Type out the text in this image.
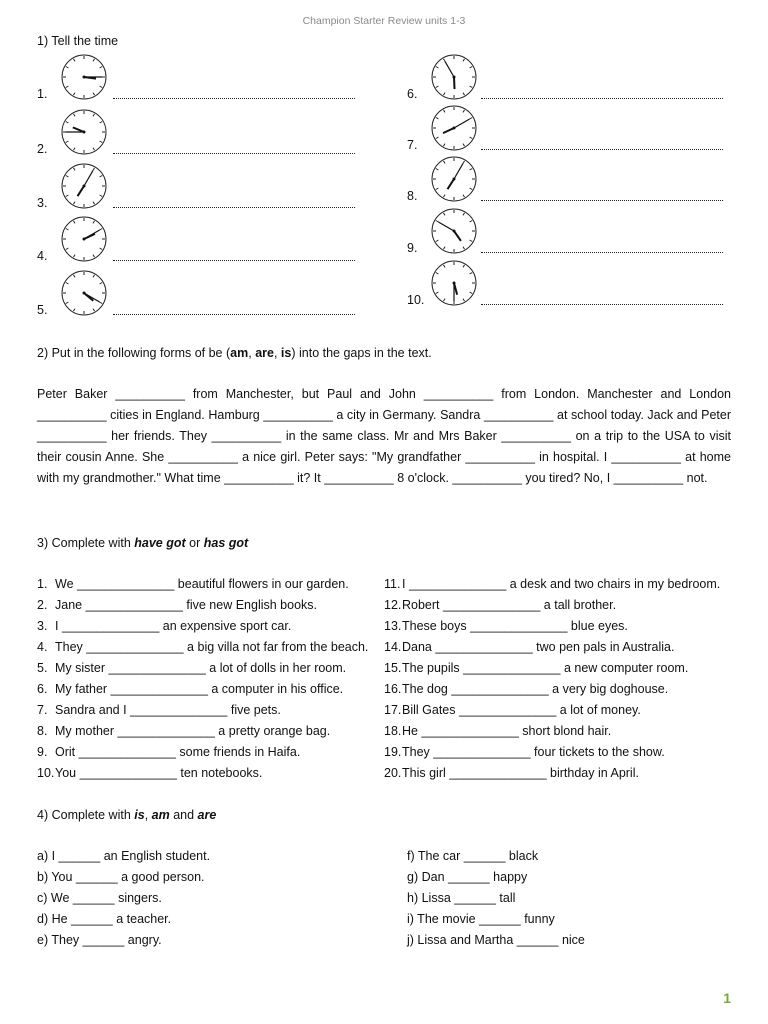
Champion Starter Review units 1-3
1) Tell the time
1.
2.
3.
4.
5.
6.
7.
8.
9.
10.
2) Put in the following forms of be (am, are, is) into the gaps in the text.
Peter Baker __________ from Manchester, but Paul and John __________ from London. Manchester and London __________ cities in England. Hamburg __________ a city in Germany. Sandra __________ at school today. Jack and Peter __________ her friends. They __________ in the same class. Mr and Mrs Baker __________ on a trip to the USA to visit their cousin Anne. She __________ a nice girl. Peter says: "My grandfather __________ in hospital. I __________ at home with my grandmother." What time __________ it? It __________ 8 o'clock. __________ you tired? No, I __________ not.
3) Complete with have got or has got
1. We ______________ beautiful flowers in our garden.
2. Jane ______________ five new English books.
3. I ______________ an expensive sport car.
4. They ______________ a big villa not far from the beach.
5. My sister ______________ a lot of dolls in her room.
6. My father ______________ a computer in his office.
7. Sandra and I ______________ five pets.
8. My mother ______________ a pretty orange bag.
9. Orit ______________ some friends in Haifa.
10.You ______________ ten notebooks.
11. I ______________ a desk and two chairs in my bedroom.
12.Robert ______________ a tall brother.
13.These boys ______________ blue eyes.
14.Dana ______________ two pen pals in Australia.
15.The pupils ______________ a new computer room.
16.The dog ______________ a very big doghouse.
17.Bill Gates ______________ a lot of money.
18.He ______________ short blond hair.
19.They ______________ four tickets to the show.
20.This girl ______________ birthday in April.
4) Complete with is, am and are
a) I ______ an English student.
b) You ______ a good person.
c) We ______ singers.
d) He ______ a teacher.
e) They ______ angry.
f) The car ______ black
g) Dan ______ happy
h) Lissa ______ tall
i) The movie ______ funny
j) Lissa and Martha ______ nice
1
